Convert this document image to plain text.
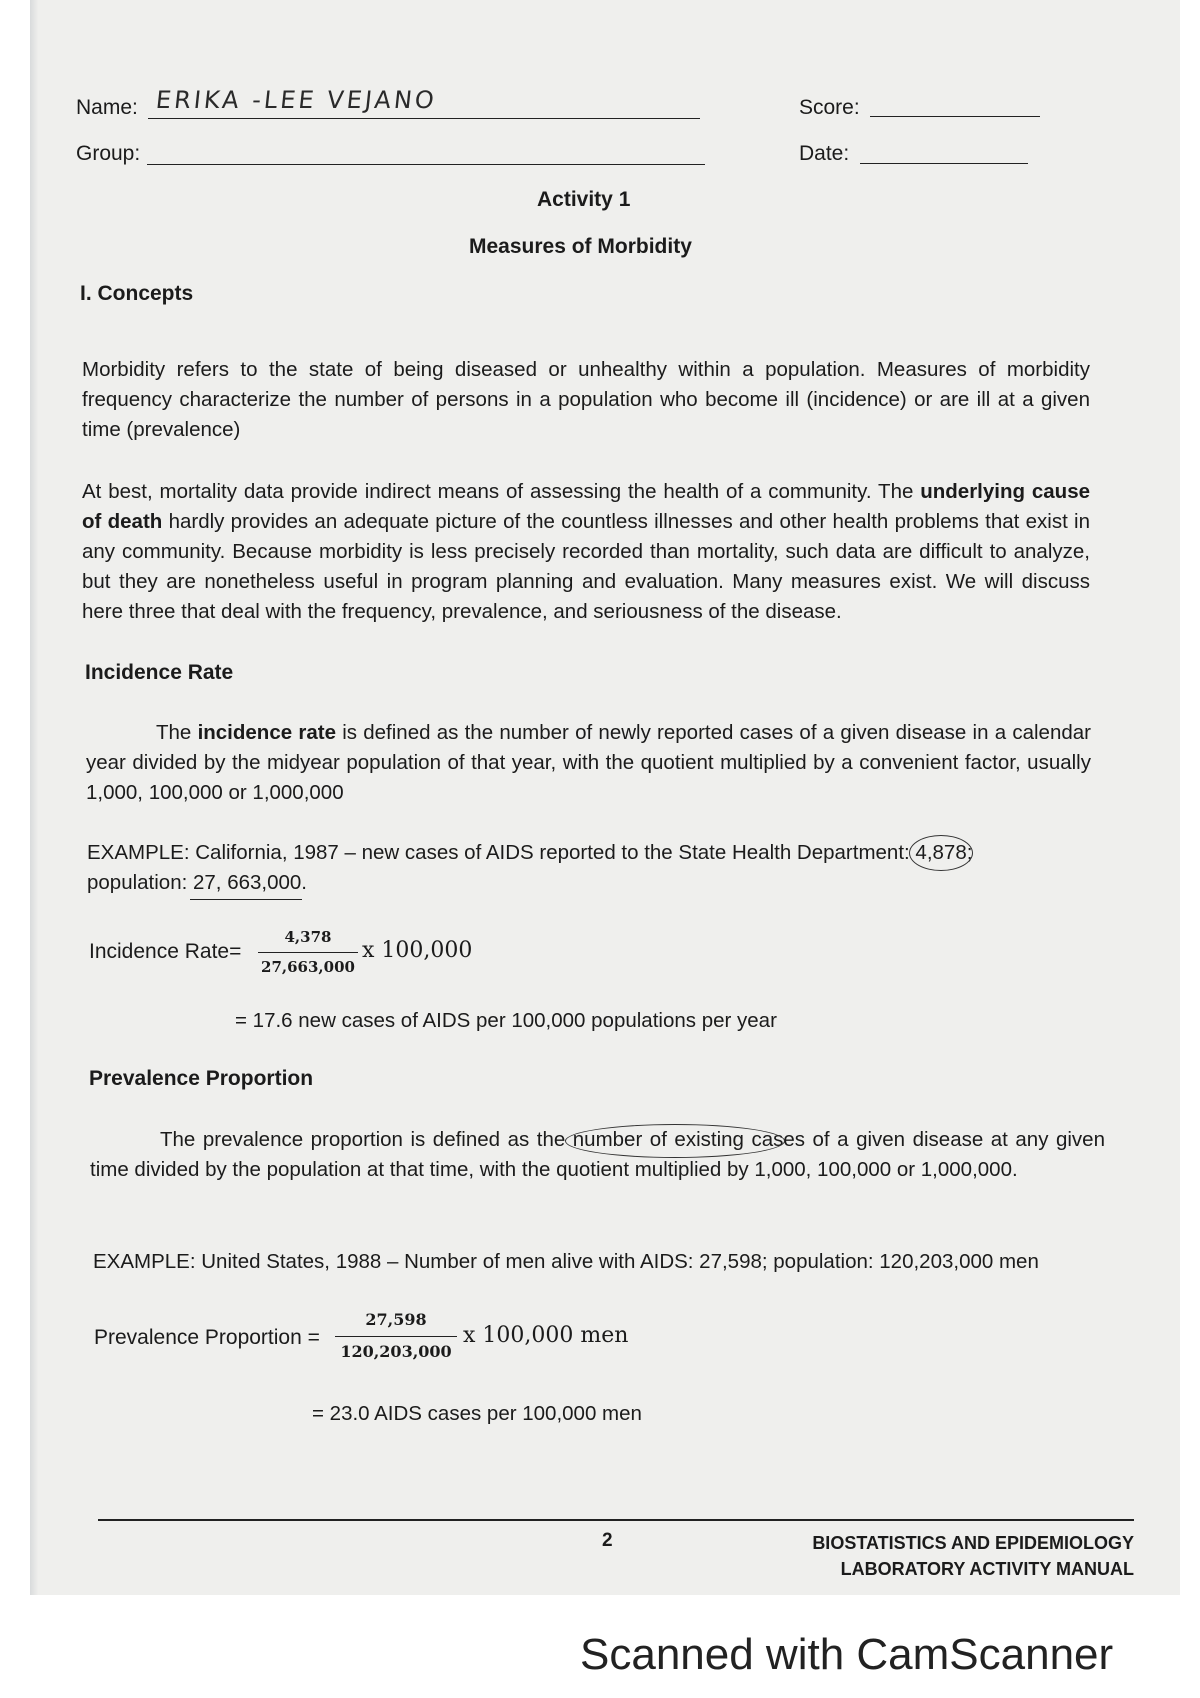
Name: ERIKA -LEE VEJANO	Score:
Group:	Date:
Activity 1
Measures of Morbidity
I. Concepts
Morbidity refers to the state of being diseased or unhealthy within a population. Measures of morbidity frequency characterize the number of persons in a population who become ill (incidence) or are ill at a given time (prevalence)
At best, mortality data provide indirect means of assessing the health of a community. The underlying cause of death hardly provides an adequate picture of the countless illnesses and other health problems that exist in any community. Because morbidity is less precisely recorded than mortality, such data are difficult to analyze, but they are nonetheless useful in program planning and evaluation. Many measures exist. We will discuss here three that deal with the frequency, prevalence, and seriousness of the disease.
Incidence Rate
The incidence rate is defined as the number of newly reported cases of a given disease in a calendar year divided by the midyear population of that year, with the quotient multiplied by a convenient factor, usually 1,000, 100,000 or 1,000,000
EXAMPLE: California, 1987 – new cases of AIDS reported to the State Health Department: 4,878;

population: 27, 663,000.
Incidence Rate=
4,378
27,663,000
x 100,000
= 17.6 new cases of AIDS per 100,000 populations per year
Prevalence Proportion
The prevalence proportion is defined as the number of existing cases
of a given disease at any given time divided by the population at that time, with the quotient multiplied by 1,000, 100,000 or 1,000,000.
EXAMPLE: United States, 1988 – Number of men alive with AIDS: 27,598; population: 120,203,000 men
Prevalence Proportion =
27,598
120,203,000
x 100,000 men
= 23.0 AIDS cases per 100,000 men
2	BIOSTATISTICS AND EPIDEMIOLOGY
LABORATORY ACTIVITY MANUAL
Scanned with CamScanner
